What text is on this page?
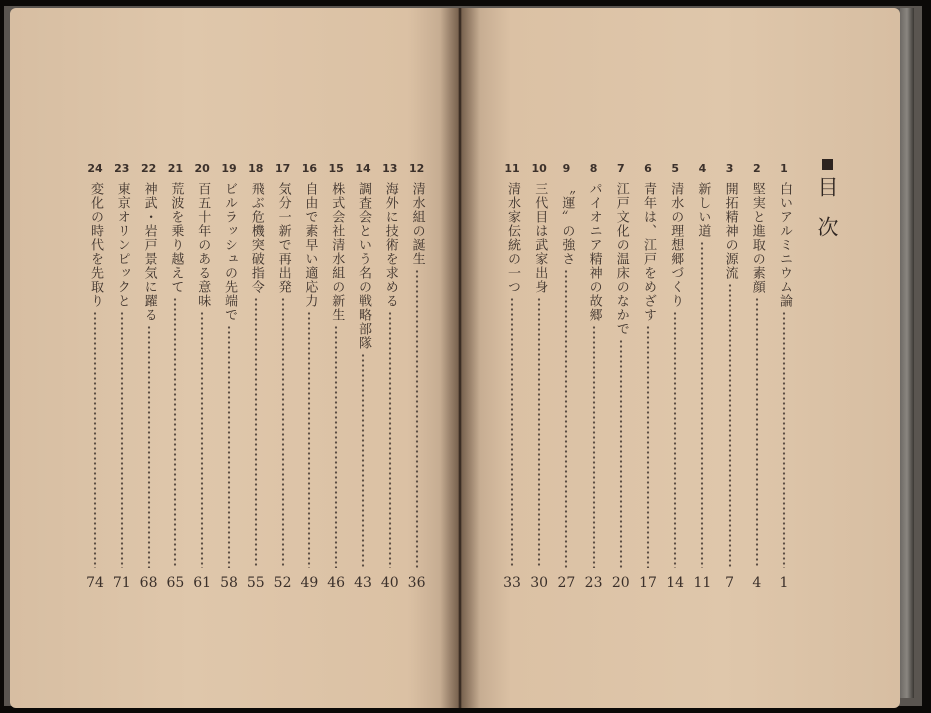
24
変化の時代を先取り
74
23
東京オリンピックと
71
22
神武・岩戸景気に躍る
68
21
荒波を乗り越えて
65
20
百五十年のある意味
61
19
ビルラッシュの先端で
58
18
飛ぶ危機突破指令
55
17
気分一新で再出発
52
16
自由で素早い適応力
49
15
株式会社清水組の新生
46
14
調査会という名の戦略部隊
43
13
海外に技術を求める
40
12
清水組の誕生
36
目次
11
清水家伝統の一つ
33
10
三代目は武家出身
30
9
〝運〟の強さ
27
8
パイオニア精神の故郷
23
7
江戸文化の温床のなかで
20
6
青年は、江戸をめざす
17
5
清水の理想郷づくり
14
4
新しい道
11
3
開拓精神の源流
7
2
堅実と進取の素顔
4
1
白いアルミニウム論
1
